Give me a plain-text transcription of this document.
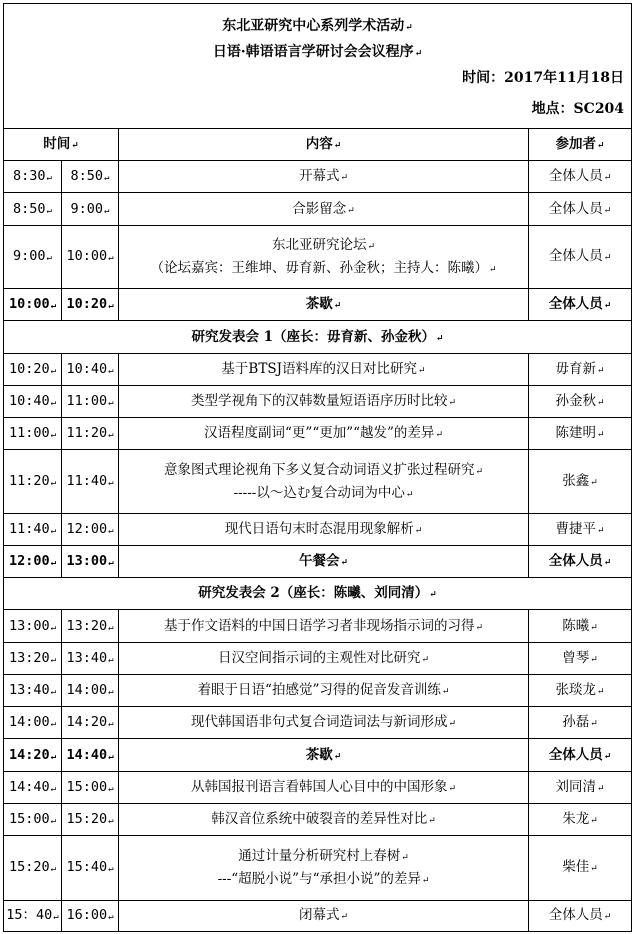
东北亚研究中心系列学术活动↵
日语·韩语语言学研讨会会议程序↵
时间：2017年11月18日
地点：SC204			

时间↵		内容↵	参加者↵
8:30↵	8:50↵	开幕式↵	全体人员↵
8:50↵	9:00↵	合影留念↵	全体人员↵
9:00↵	10:00↵	东北亚研究论坛↵
（论坛嘉宾：王维坤、毋育新、孙金秋；主持人：陈曦）↵	全体人员↵
10:00↵	10:20↵	茶歇↵	全体人员↵
研究发表会 1（座长：毋育新、孙金秋）↵			
10:20↵	10:40↵	基于BTSJ语料库的汉日对比研究↵	毋育新↵
10:40↵	11:00↵	类型学视角下的汉韩数量短语语序历时比较↵	孙金秋↵
11:00↵	11:20↵	汉语程度副词“更”“更加”“越发”的差异↵	陈建明↵
11:20↵	11:40↵	意象图式理论视角下多义复合动词语义扩张过程研究↵
-----以～込む复合动词为中心↵	张鑫↵
11:40↵	12:00↵	现代日语句末时态混用现象解析↵	曹捷平↵
12:00↵	13:00↵	午餐会↵	全体人员↵
研究发表会 2（座长：陈曦、刘同清）↵			
13:00↵	13:20↵	基于作文语料的中国日语学习者非现场指示词的习得↵	陈曦↵
13:20↵	13:40↵	日汉空间指示词的主观性对比研究↵	曾琴↵
13:40↵	14:00↵	着眼于日语“拍感觉”习得的促音发音训练↵	张琰龙↵
14:00↵	14:20↵	现代韩国语非句式复合词造词法与新词形成↵	孙磊↵
14:20↵	14:40↵	茶歇↵	全体人员↵
14:40↵	15:00↵	从韩国报刊语言看韩国人心目中的中国形象↵	刘同清↵
15:00↵	15:20↵	韩汉音位系统中破裂音的差异性对比↵	朱龙↵
15:20↵	15:40↵	通过计量分析研究村上春树↵
---“超脱小说”与“承担小说”的差异↵	柴佳↵
15：40↵	16:00↵	闭幕式↵	全体人员↵
